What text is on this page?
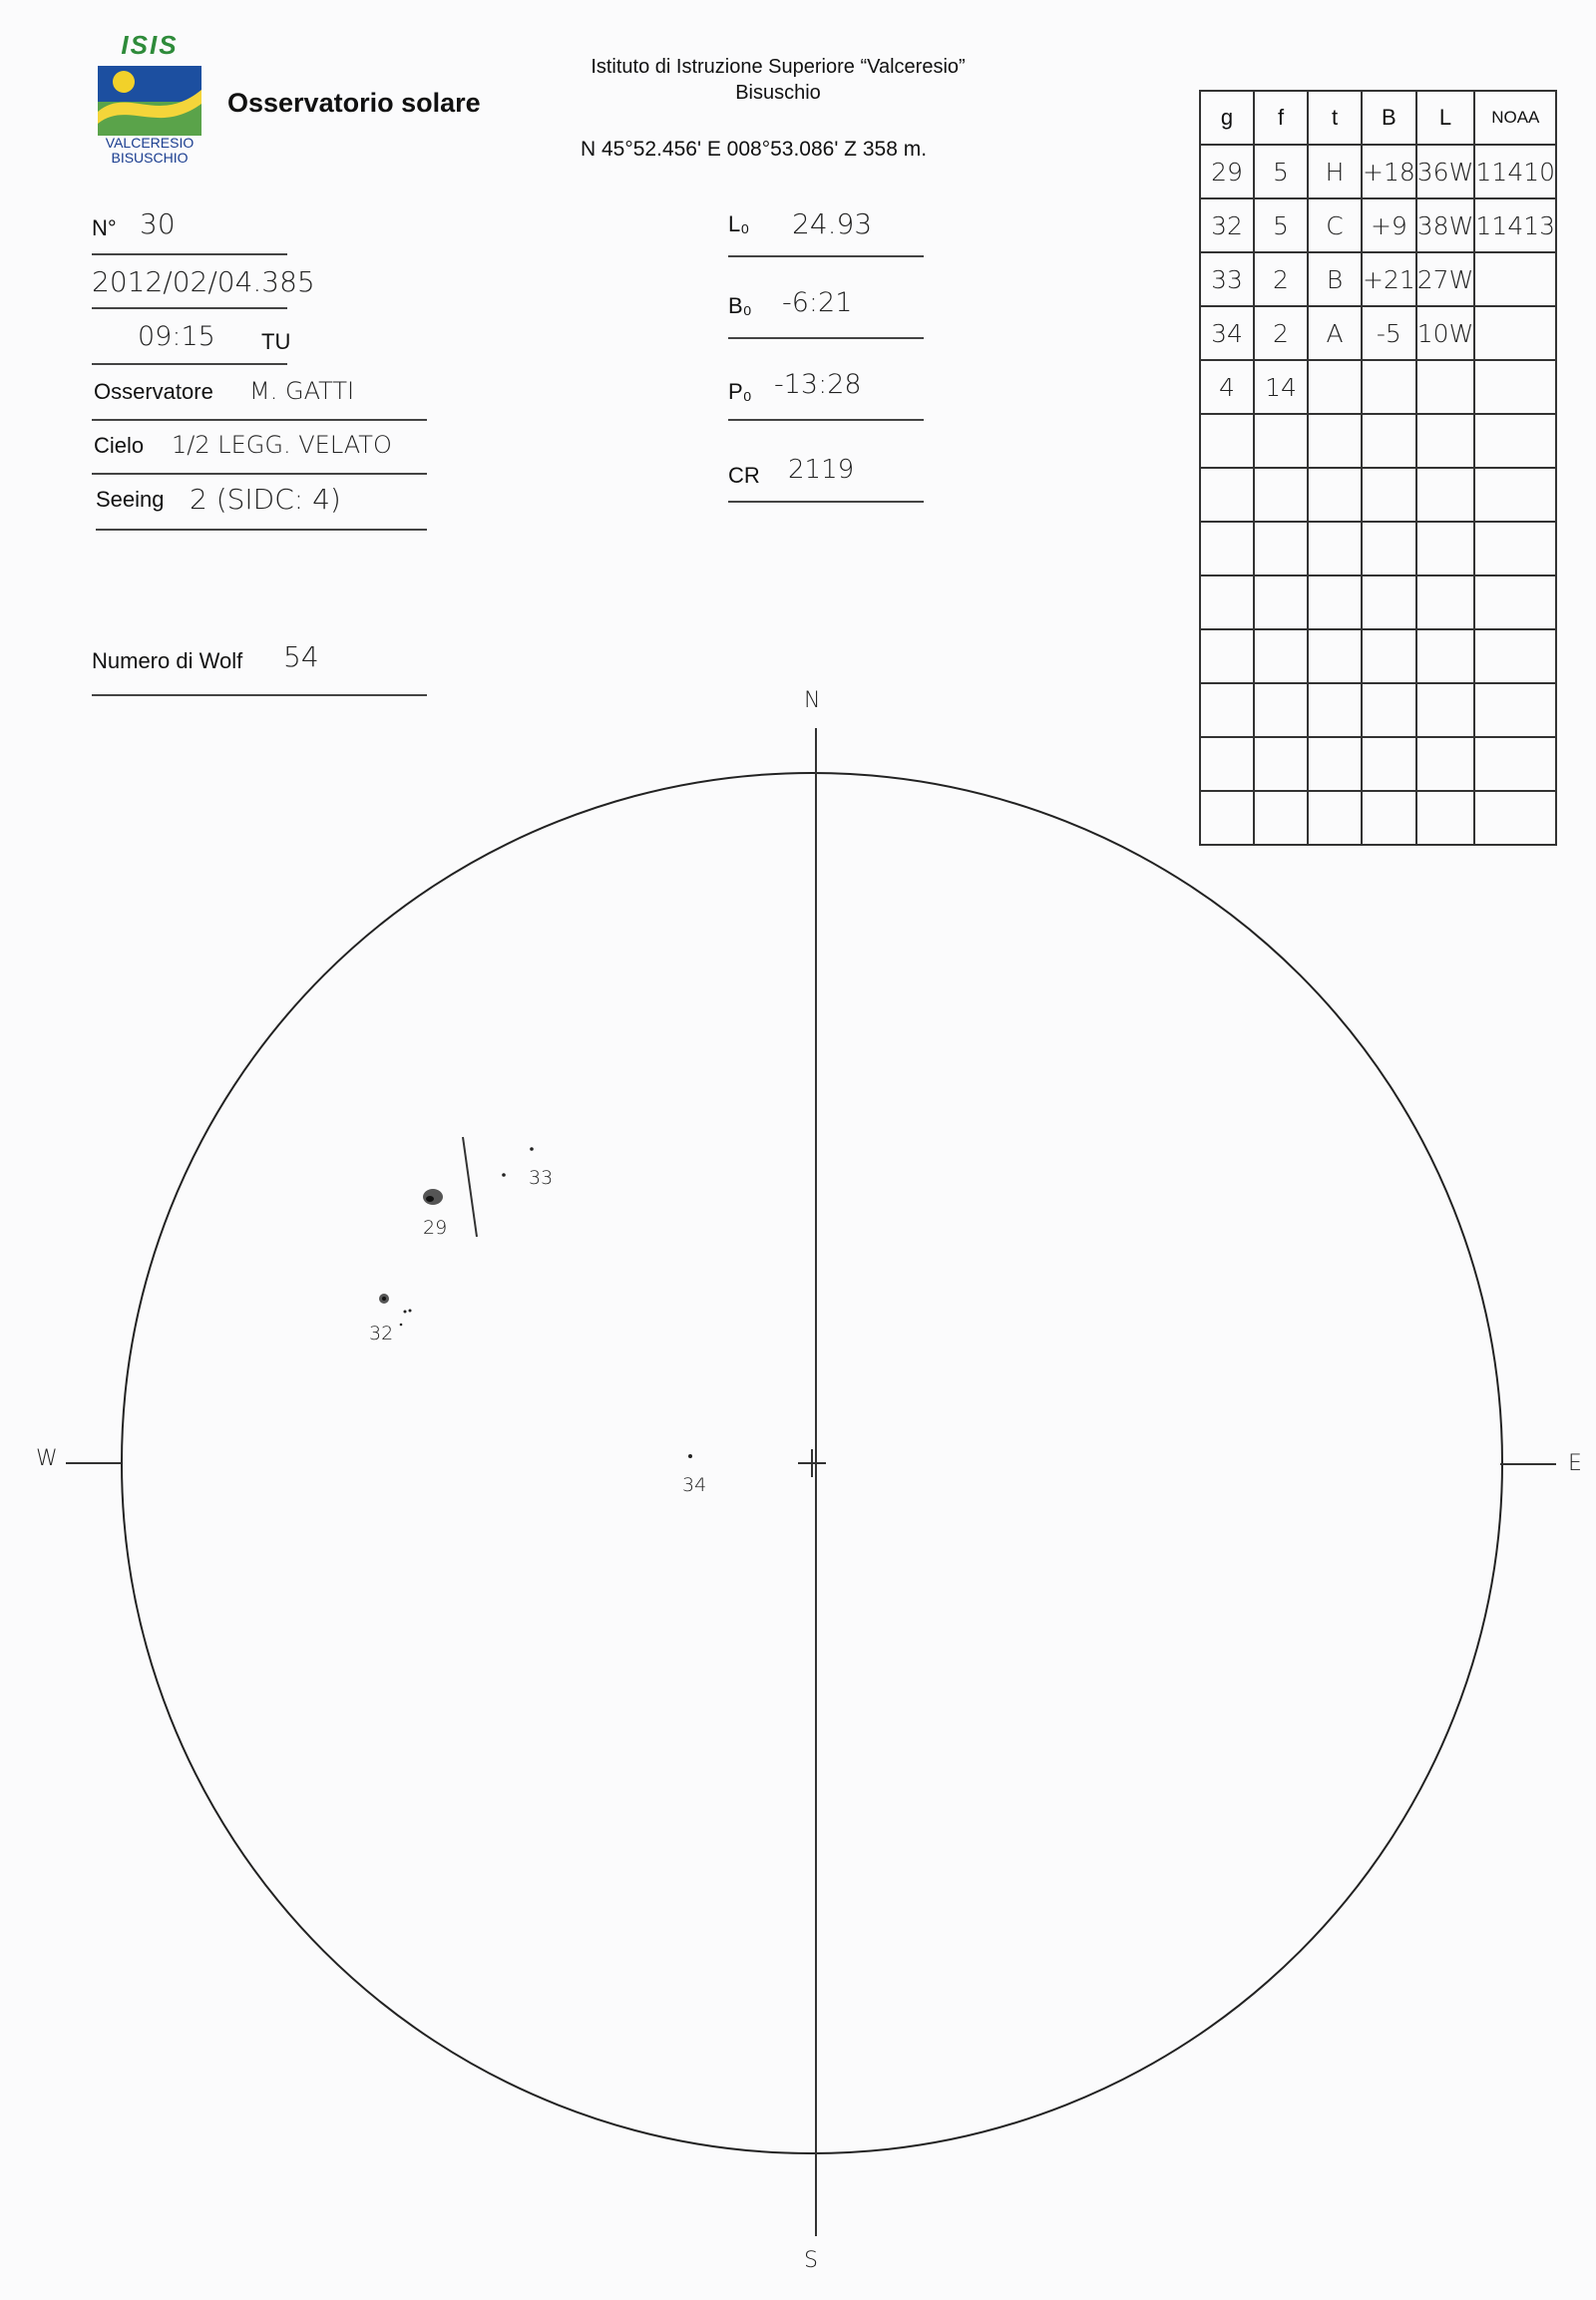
ISIS
VALCERESIO
BISUSCHIO
Osservatorio solare
Istituto di Istruzione Superiore “Valceresio”
Bisuschio
N 45°52.456' E 008°53.086' Z 358 m.
N° 30
2012/02/04.385
09:15 TU
Osservatore M. GATTI
Cielo 1/2 LEGG. VELATO
Seeing 2 (SIDC: 4)
Numero di Wolf 54
L₀ 24.93
B₀ -6:21
P₀ -13:28
CR 2119
g	f	t	B	L	NOAA
29	5	H	+18	36W	11410
32	5	C	+9	38W	11413
33	2	B	+21	27W	
34	2	A	-5	10W	
4	14				

N
S
W	E
29
33
32
34
